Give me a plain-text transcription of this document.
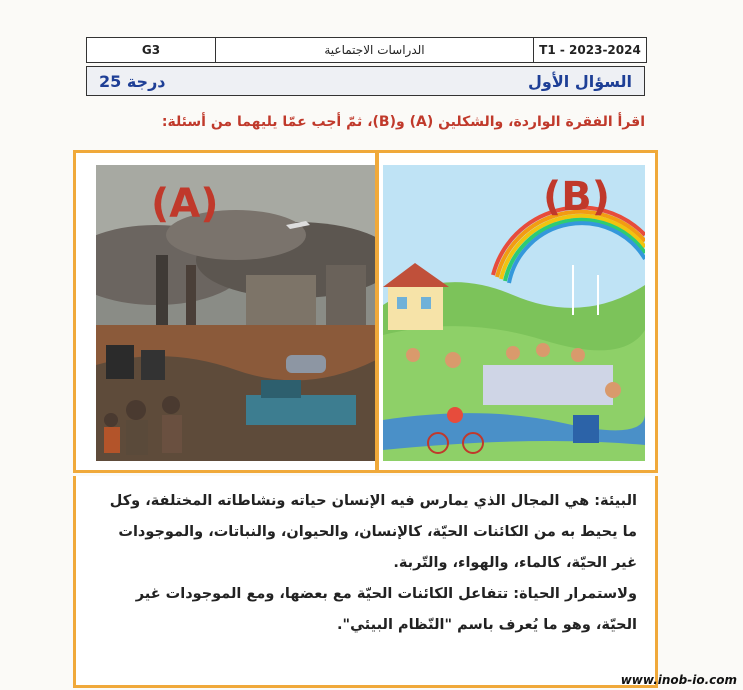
G3	الدراسات الاجتماعية	T1 - 2023-2024
25 درجة	السؤال الأول
اقرأ الفقرة الواردة، والشكلين (A) و(B)، ثمّ أجب عمّا يليهما من أسئلة:
(A)	(B)

البيئة: هي المجال الذي يمارس فيه الإنسان حياته ونشاطاته المختلفة، وكل ما يحيط به من الكائنات الحيّة، كالإنسان، والحيوان، والنباتات، والموجودات غير الحيّة، كالماء، والهواء، والتّربة.

ولاستمرار الحياة: تتفاعل الكائنات الحيّة مع بعضها، ومع الموجودات غير الحيّة، وهو ما يُعرف باسم "النّظام البيئي".

www.inob-io.com
